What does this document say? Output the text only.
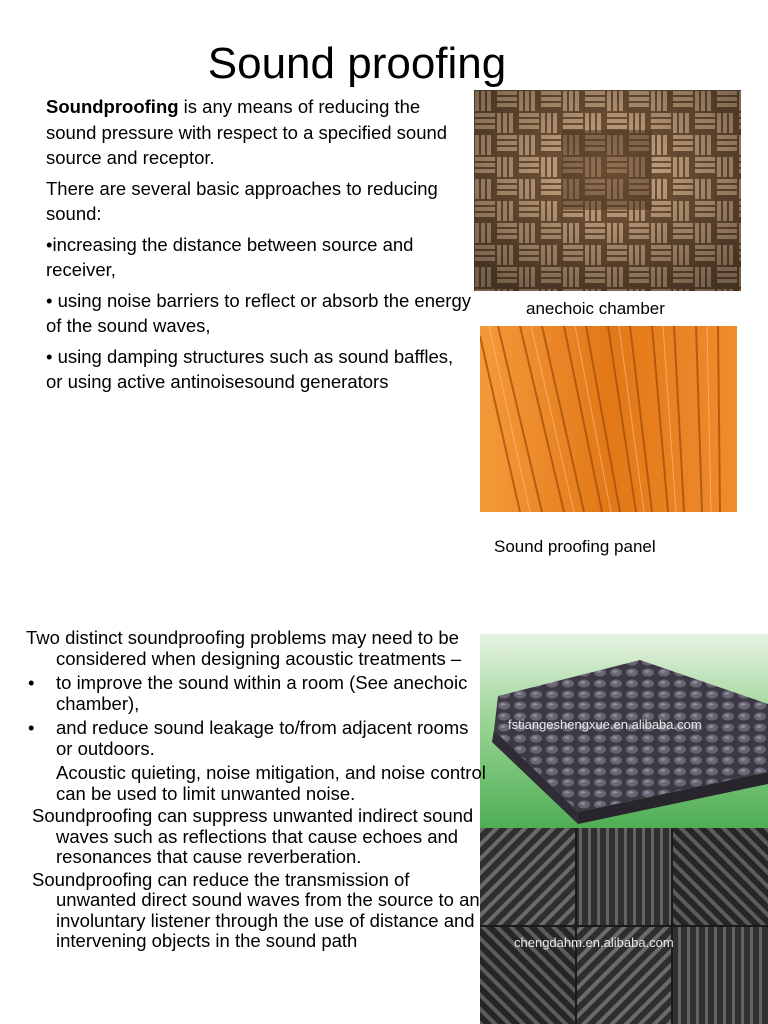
Sound proofing

Soundproofing is any means of reducing the sound pressure with respect to a specified sound source and receptor.

There are several basic approaches to reducing sound:

•increasing the distance between source and receiver,

• using noise barriers to reflect or absorb the energy of the sound waves,

• using damping structures such as sound baffles, or using active antinoisesound generators

anechoic chamber
Sound proofing panel
fstiangeshengxue.en.alibaba.com
chengdahm.en.alibaba.com
Two distinct soundproofing problems may need to be considered when designing acoustic treatments –
• to improve the sound within a room (See anechoic chamber),
• and reduce sound leakage to/from adjacent rooms or outdoors.
Acoustic quieting, noise mitigation, and noise control can be used to limit unwanted noise.
Soundproofing can suppress unwanted indirect sound waves such as reflections that cause echoes and resonances that cause reverberation.
Soundproofing can reduce the transmission of unwanted direct sound waves from the source to an involuntary listener through the use of distance and intervening objects in the sound path
